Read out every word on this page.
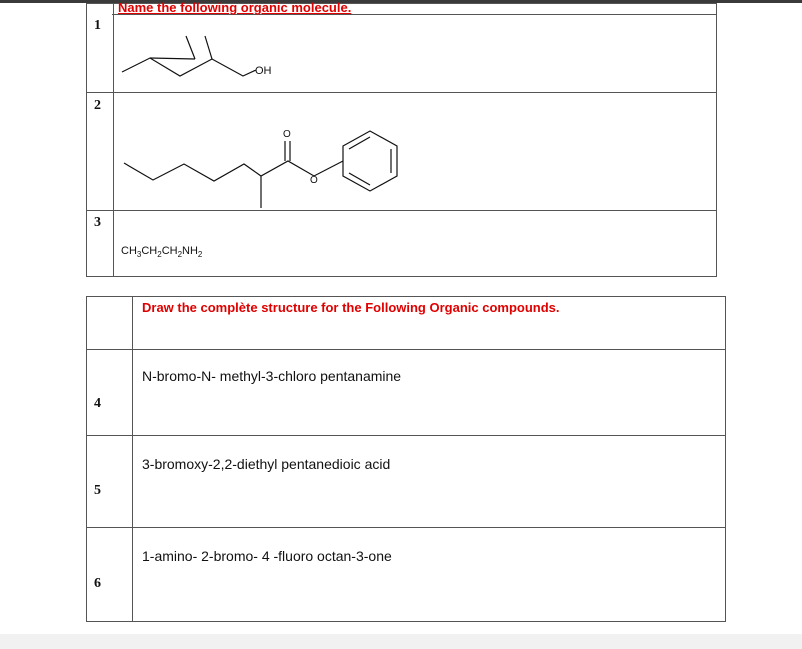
Name the following organic molecule.
1
2
3
OH
O
O
$CH_3CH_2CH_2NH_2$
Draw the complète structure for the Following Organic compounds.
4
5
6
N-bromo-N- methyl-3-chloro pentanamine
3-bromoxy-2,2-diethyl pentanedioic acid
1-amino- 2-bromo- 4 -fluoro octan-3-one
